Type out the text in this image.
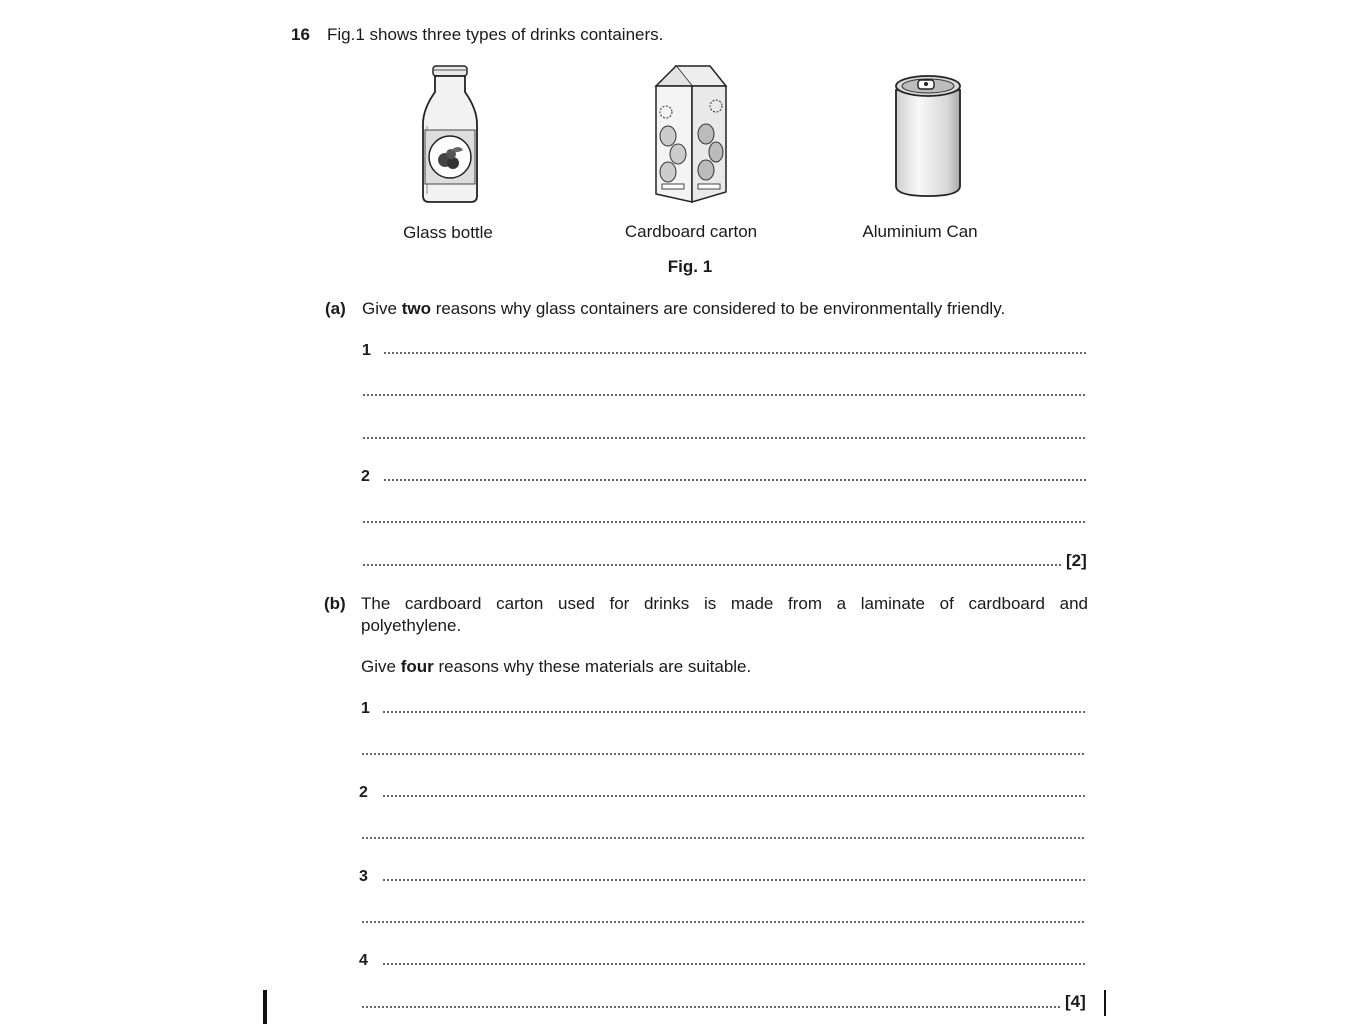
16 Fig.1 shows three types of drinks containers.
Glass bottle	Cardboard carton	Aluminium Can
Fig. 1
(a) Give two reasons why glass containers are considered to be environmentally friendly.
1
2
[2]
(b) The cardboard carton used for drinks is made from a laminate of cardboard and
polyethylene.
Give four reasons why these materials are suitable.
1
2
3
4
[4]
